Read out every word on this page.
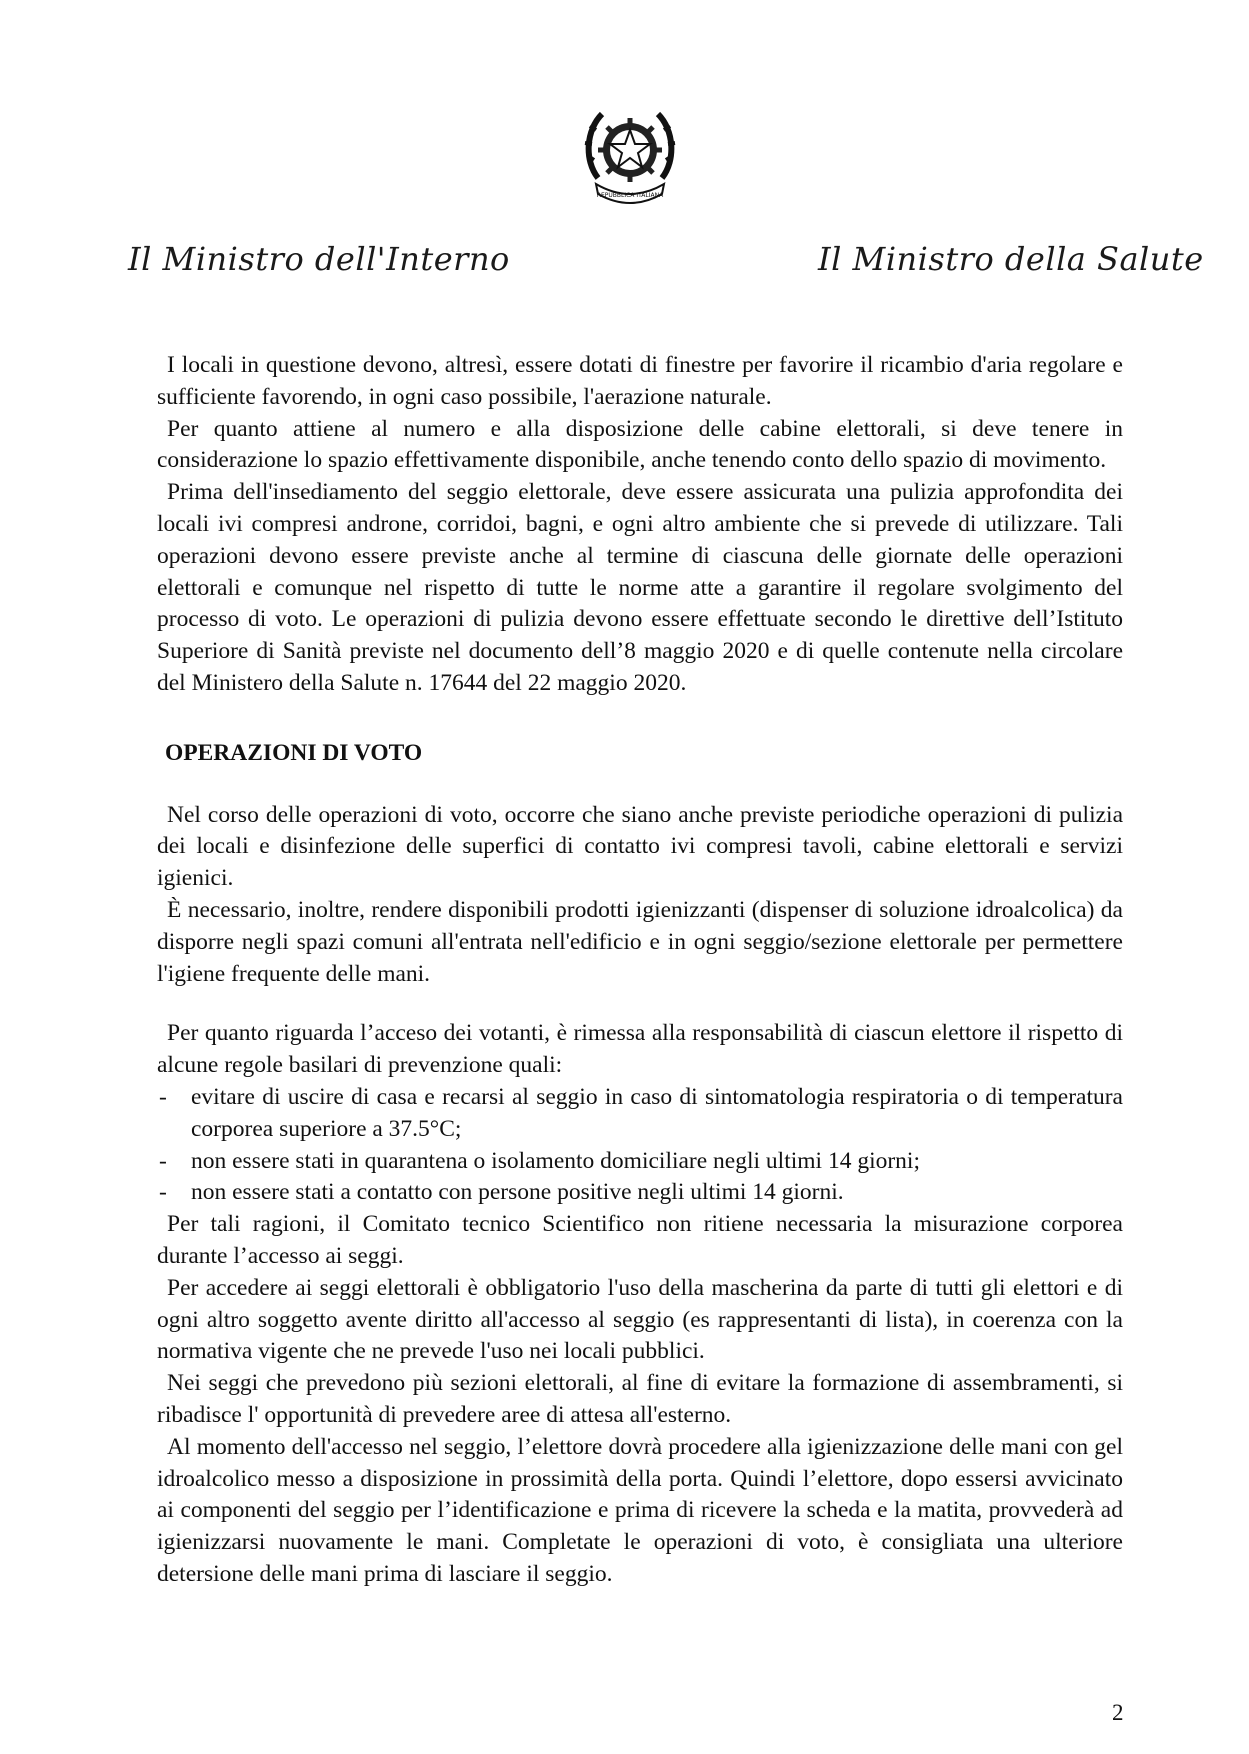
REPUBBLICA ITALIANA
Il Ministro dell'Interno	Il Ministro della Salute

I locali in questione devono, altresì, essere dotati di finestre per favorire il ricambio d'aria regolare e sufficiente favorendo, in ogni caso possibile, l'aerazione naturale.

Per quanto attiene al numero e alla disposizione delle cabine elettorali, si deve tenere in considerazione lo spazio effettivamente disponibile, anche tenendo conto dello spazio di movimento.

Prima dell'insediamento del seggio elettorale, deve essere assicurata una pulizia approfondita dei locali ivi compresi androne, corridoi, bagni, e ogni altro ambiente che si prevede di utilizzare. Tali operazioni devono essere previste anche al termine di ciascuna delle giornate delle operazioni elettorali e comunque nel rispetto di tutte le norme atte a garantire il regolare svolgimento del processo di voto. Le operazioni di pulizia devono essere effettuate secondo le direttive dell’Istituto Superiore di Sanità previste nel documento dell’8 maggio 2020 e di quelle contenute nella circolare del Ministero della Salute n. 17644 del 22 maggio 2020.

OPERAZIONI DI VOTO

Nel corso delle operazioni di voto, occorre che siano anche previste periodiche operazioni di pulizia dei locali e disinfezione delle superfici di contatto ivi compresi tavoli, cabine elettorali e servizi igienici.

È necessario, inoltre, rendere disponibili prodotti igienizzanti (dispenser di soluzione idroalcolica) da disporre negli spazi comuni all'entrata nell'edificio e in ogni seggio/sezione elettorale per permettere l'igiene frequente delle mani.

Per quanto riguarda l’acceso dei votanti, è rimessa alla responsabilità di ciascun elettore il rispetto di alcune regole basilari di prevenzione quali:

- evitare di uscire di casa e recarsi al seggio in caso di sintomatologia respiratoria o di temperatura corporea superiore a 37.5°C;
- non essere stati in quarantena o isolamento domiciliare negli ultimi 14 giorni;
- non essere stati a contatto con persone positive negli ultimi 14 giorni.

Per tali ragioni, il Comitato tecnico Scientifico non ritiene necessaria la misurazione corporea durante l’accesso ai seggi.

Per accedere ai seggi elettorali è obbligatorio l'uso della mascherina da parte di tutti gli elettori e di ogni altro soggetto avente diritto all'accesso al seggio (es rappresentanti di lista), in coerenza con la normativa vigente che ne prevede l'uso nei locali pubblici.

Nei seggi che prevedono più sezioni elettorali, al fine di evitare la formazione di assembramenti, si ribadisce l' opportunità di prevedere aree di attesa all'esterno.

Al momento dell'accesso nel seggio, l’elettore dovrà procedere alla igienizzazione delle mani con gel idroalcolico messo a disposizione in prossimità della porta. Quindi l’elettore, dopo essersi avvicinato ai componenti del seggio per l’identificazione e prima di ricevere la scheda e la matita, provvederà ad igienizzarsi nuovamente le mani. Completate le operazioni di voto, è consigliata una ulteriore detersione delle mani prima di lasciare il seggio.

2
